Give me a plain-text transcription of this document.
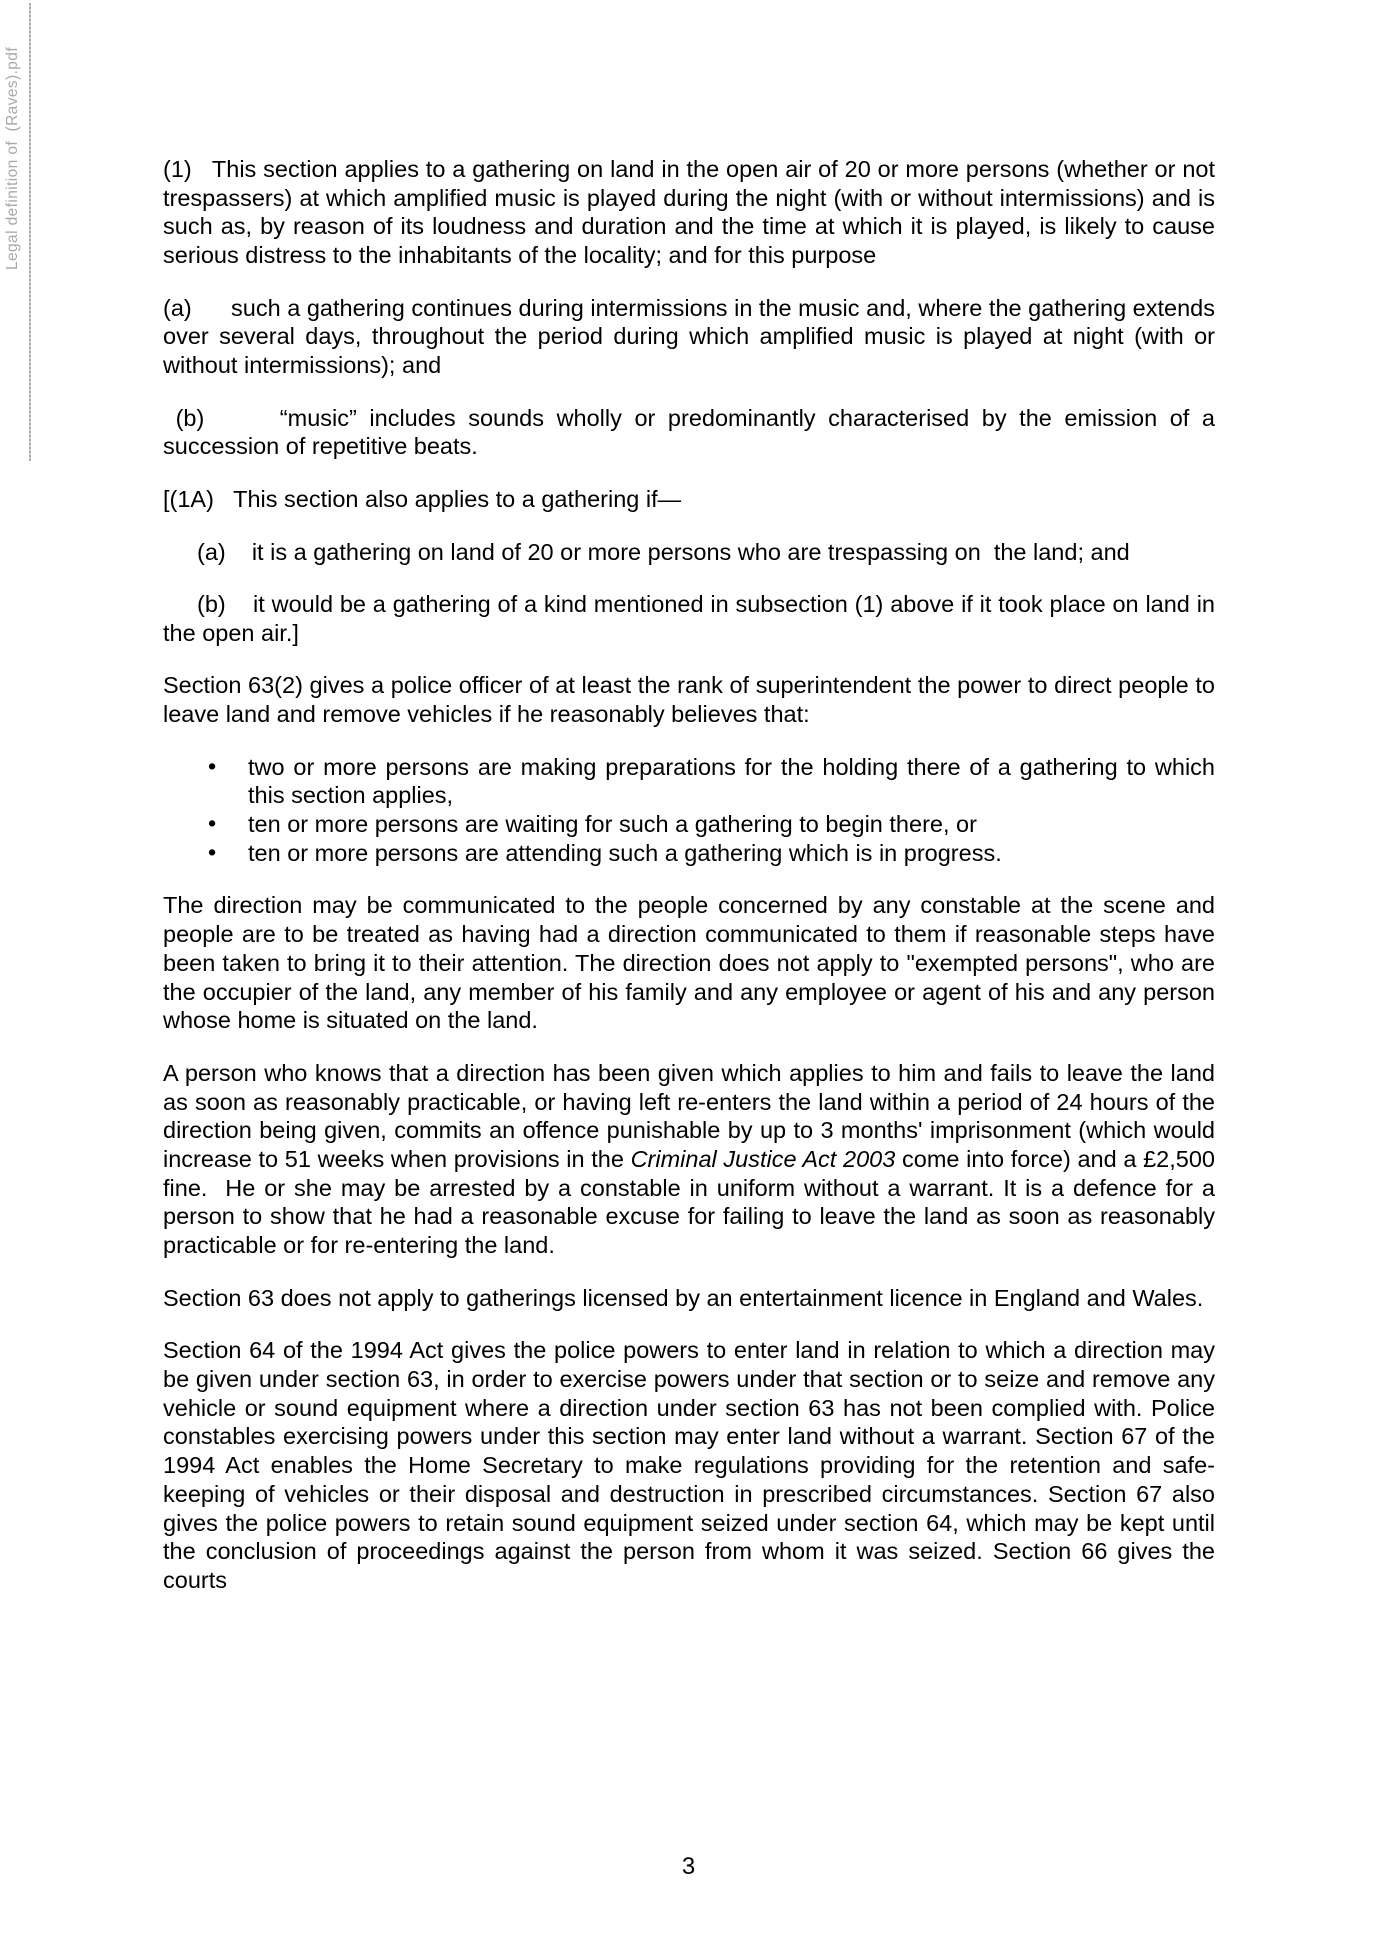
Legal definition of  (Raves).pdf	(1)   This section applies to a gathering on land in the open air of 20 or more persons (whether or not trespassers) at which amplified music is played during the night (with or without intermissions) and is such as, by reason of its loudness and duration and the time at which it is played, is likely to cause serious distress to the inhabitants of the locality; and for this purpose

(a)      such a gathering continues during intermissions in the music and, where the gathering extends over several days, throughout the period during which amplified music is played at night (with or without intermissions); and

(b)      “music” includes sounds wholly or predominantly characterised by the emission of a succession of repetitive beats.

[(1A)   This section also applies to a gathering if—

(a)    it is a gathering on land of 20 or more persons who are trespassing on  the land; and

(b)    it would be a gathering of a kind mentioned in subsection (1) above if it took place on land in the open air.]

Section 63(2) gives a police officer of at least the rank of superintendent the power to direct people to leave land and remove vehicles if he reasonably believes that:

• two or more persons are making preparations for the holding there of a gathering to which this section applies,
• ten or more persons are waiting for such a gathering to begin there, or
• ten or more persons are attending such a gathering which is in progress.

The direction may be communicated to the people concerned by any constable at the scene and people are to be treated as having had a direction communicated to them if reasonable steps have been taken to bring it to their attention. The direction does not apply to "exempted persons", who are the occupier of the land, any member of his family and any employee or agent of his and any person whose home is situated on the land.

A person who knows that a direction has been given which applies to him and fails to leave the land as soon as reasonably practicable, or having left re-enters the land within a period of 24 hours of the direction being given, commits an offence punishable by up to 3 months' imprisonment (which would increase to 51 weeks when provisions in the Criminal Justice Act 2003 come into force) and a £2,500 fine.  He or she may be arrested by a constable in uniform without a warrant. It is a defence for a person to show that he had a reasonable excuse for failing to leave the land as soon as reasonably practicable or for re-entering the land.

Section 63 does not apply to gatherings licensed by an entertainment licence in England and Wales.

Section 64 of the 1994 Act gives the police powers to enter land in relation to which a direction may be given under section 63, in order to exercise powers under that section or to seize and remove any vehicle or sound equipment where a direction under section 63 has not been complied with. Police constables exercising powers under this section may enter land without a warrant. Section 67 of the 1994 Act enables the Home Secretary to make regulations providing for the retention and safe-keeping of vehicles or their disposal and destruction in prescribed circumstances. Section 67 also gives the police powers to retain sound equipment seized under section 64, which may be kept until the conclusion of proceedings against the person from whom it was seized. Section 66 gives the courts

3
